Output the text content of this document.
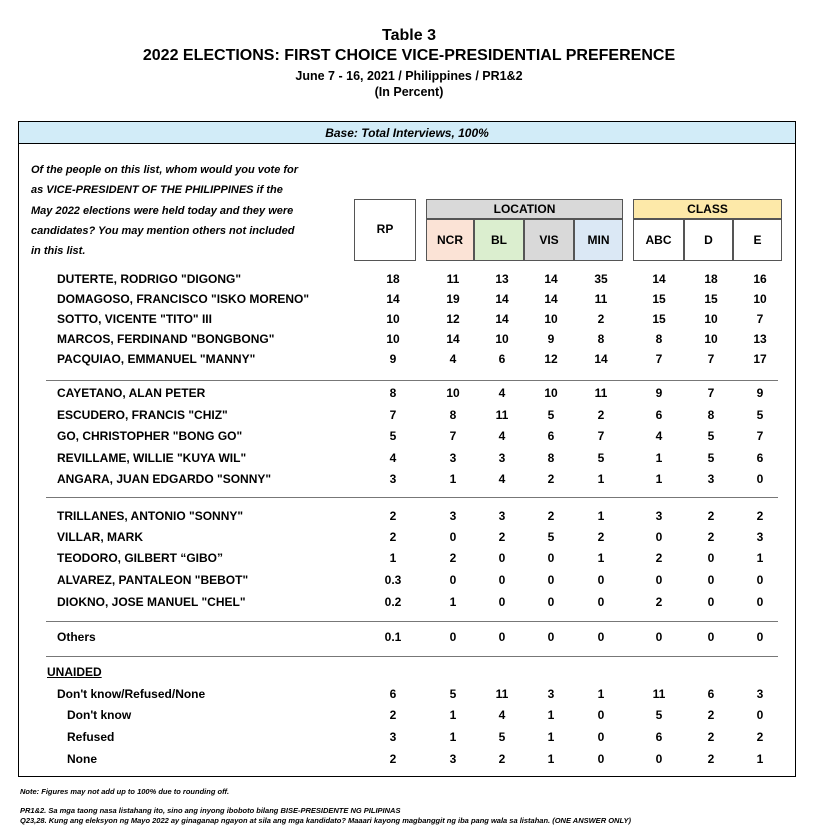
Table 3
2022 ELECTIONS: FIRST CHOICE VICE-PRESIDENTIAL PREFERENCE
June 7 - 16, 2021 / Philippines / PR1&2
(In Percent)
Base: Total Interviews, 100%
Of the people on this list, whom would you vote for
as VICE-PRESIDENT OF THE PHILIPPINES if the
May 2022 elections were held today and they were
candidates? You may mention others not included
in this list.
RP
LOCATION	CLASS
NCR	BL	VIS	MIN	ABC	D	E
UNAIDED
DUTERTE, RODRIGO "DIGONG"	18	11	13	14	35	14	18	16
DOMAGOSO, FRANCISCO "ISKO MORENO"	14	19	14	14	11	15	15	10
SOTTO, VICENTE "TITO" III	10	12	14	10	2	15	10	7
MARCOS, FERDINAND "BONGBONG"	10	14	10	9	8	8	10	13
PACQUIAO, EMMANUEL "MANNY"	9	4	6	12	14	7	7	17
CAYETANO, ALAN PETER	8	10	4	10	11	9	7	9
ESCUDERO, FRANCIS "CHIZ"	7	8	11	5	2	6	8	5
GO, CHRISTOPHER "BONG GO"	5	7	4	6	7	4	5	7
REVILLAME, WILLIE "KUYA WIL"	4	3	3	8	5	1	5	6
ANGARA, JUAN EDGARDO "SONNY"	3	1	4	2	1	1	3	0
TRILLANES, ANTONIO "SONNY"	2	3	3	2	1	3	2	2
VILLAR, MARK	2	0	2	5	2	0	2	3
TEODORO, GILBERT “GIBO”	1	2	0	0	1	2	0	1
ALVAREZ, PANTALEON "BEBOT"	0.3	0	0	0	0	0	0	0
DIOKNO, JOSE MANUEL "CHEL"	0.2	1	0	0	0	2	0	0
Others	0.1	0	0	0	0	0	0	0
Don't know/Refused/None	6	5	11	3	1	11	6	3
Don't know	2	1	4	1	0	5	2	0
Refused	3	1	5	1	0	6	2	2
None	2	3	2	1	0	0	2	1
Note: Figures may not add up to 100% due to rounding off.
PR1&2. Sa mga taong nasa listahang ito, sino ang inyong iboboto bilang BISE-PRESIDENTE NG PILIPINAS
Q23,28. Kung ang eleksyon ng Mayo 2022 ay ginaganap ngayon at sila ang mga kandidato? Maaari kayong magbanggit ng iba pang wala sa listahan. (ONE ANSWER ONLY)
